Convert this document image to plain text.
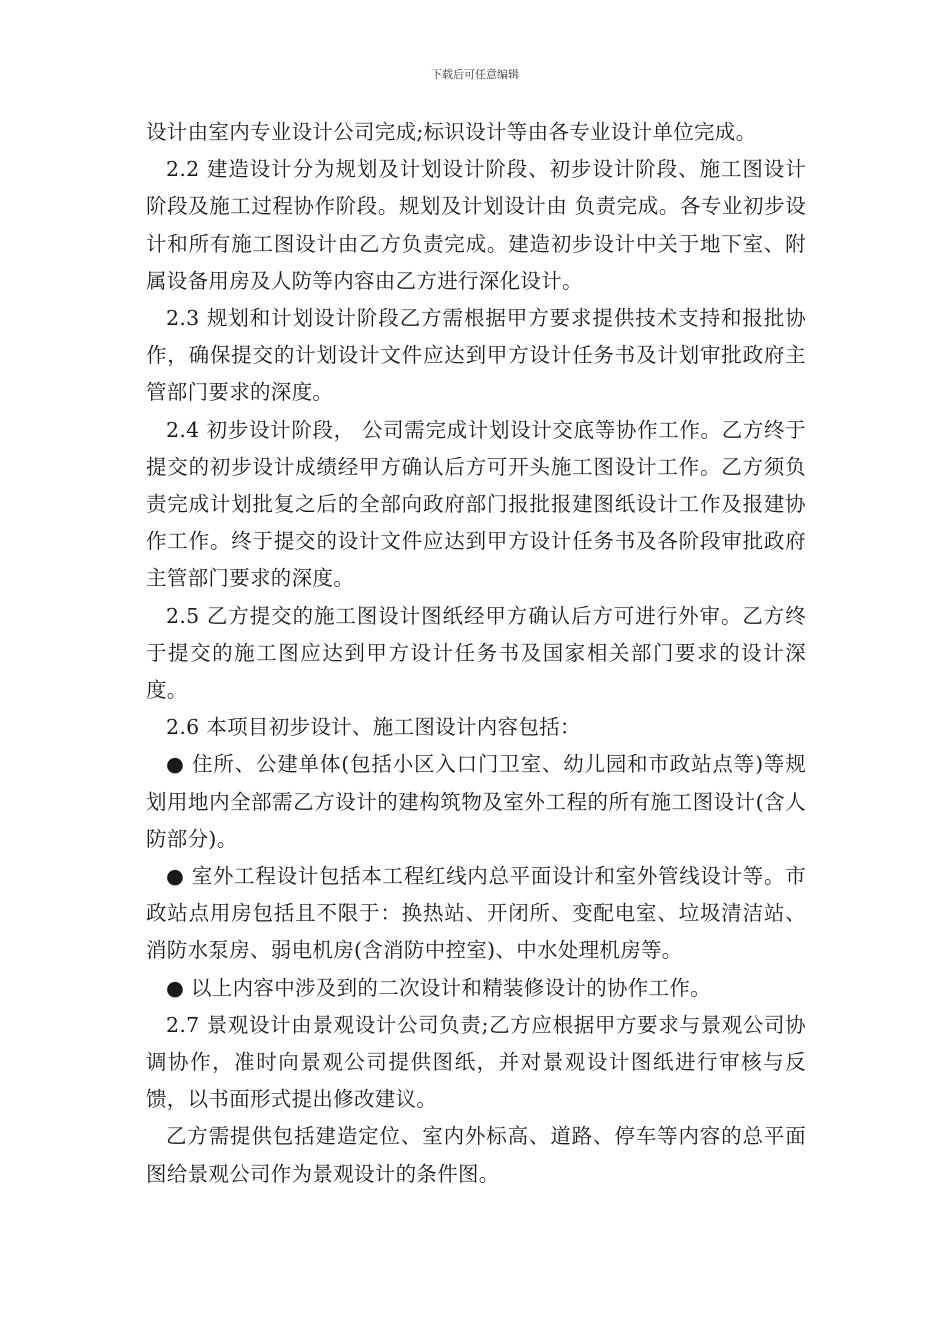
下载后可任意编辑

设计由室内专业设计公司完成;标识设计等由各专业设计单位完成。

2.2 建造设计分为规划及计划设计阶段、初步设计阶段、施工图设计阶段及施工过程协作阶段。规划及计划设计由 负责完成。各专业初步设计和所有施工图设计由乙方负责完成。建造初步设计中关于地下室、附属设备用房及人防等内容由乙方进行深化设计。

2.3 规划和计划设计阶段乙方需根据甲方要求提供技术支持和报批协作，确保提交的计划设计文件应达到甲方设计任务书及计划审批政府主管部门要求的深度。

2.4 初步设计阶段， 公司需完成计划设计交底等协作工作。乙方终于提交的初步设计成绩经甲方确认后方可开头施工图设计工作。乙方须负责完成计划批复之后的全部向政府部门报批报建图纸设计工作及报建协作工作。终于提交的设计文件应达到甲方设计任务书及各阶段审批政府主管部门要求的深度。

2.5 乙方提交的施工图设计图纸经甲方确认后方可进行外审。乙方终于提交的施工图应达到甲方设计任务书及国家相关部门要求的设计深度。

2.6 本项目初步设计、施工图设计内容包括：

● 住所、公建单体(包括小区入口门卫室、幼儿园和市政站点等)等规划用地内全部需乙方设计的建构筑物及室外工程的所有施工图设计(含人防部分)。

● 室外工程设计包括本工程红线内总平面设计和室外管线设计等。市政站点用房包括且不限于：换热站、开闭所、变配电室、垃圾清洁站、消防水泵房、弱电机房(含消防中控室)、中水处理机房等。

● 以上内容中涉及到的二次设计和精装修设计的协作工作。

2.7 景观设计由景观设计公司负责;乙方应根据甲方要求与景观公司协调协作，准时向景观公司提供图纸，并对景观设计图纸进行审核与反馈，以书面形式提出修改建议。

乙方需提供包括建造定位、室内外标高、道路、停车等内容的总平面图给景观公司作为景观设计的条件图。
